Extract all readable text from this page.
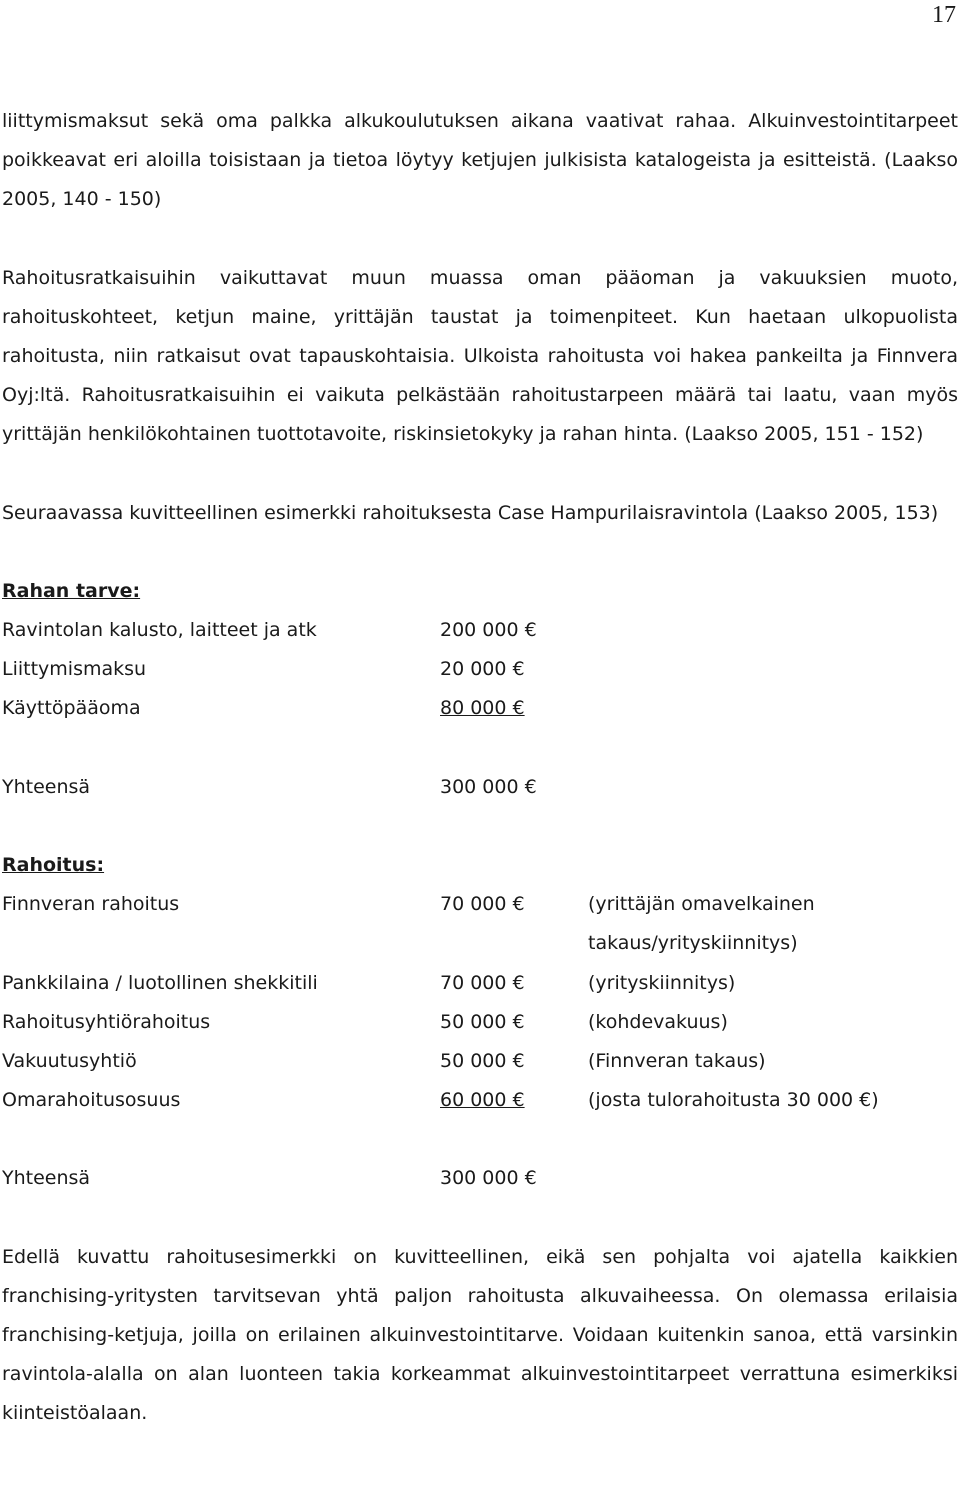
17

liittymismaksut sekä oma palkka alkukoulutuksen aikana vaativat rahaa. Alkuinvestointitarpeet poikkeavat eri aloilla toisistaan ja tietoa löytyy ketjujen julkisista katalogeista ja esitteistä. (Laakso 2005, 140 - 150)

Rahoitusratkaisuihin vaikuttavat muun muassa oman pääoman ja vakuuksien muoto, rahoituskohteet, ketjun maine, yrittäjän taustat ja toimenpiteet. Kun haetaan ulkopuolista rahoitusta, niin ratkaisut ovat tapauskohtaisia. Ulkoista rahoitusta voi hakea pankeilta ja Finnvera Oyj:ltä. Rahoitusratkaisuihin ei vaikuta pelkästään rahoitustarpeen määrä tai laatu, vaan myös yrittäjän henkilökohtainen tuottotavoite, riskinsietokyky ja rahan hinta. (Laakso 2005, 151 - 152)

Seuraavassa kuvitteellinen esimerkki rahoituksesta Case Hampurilaisravintola (Laakso 2005, 153)

Rahan tarve:
Ravintolan kalusto, laitteet ja atk	200 000 €
Liittymismaksu	20 000 €
Käyttöpääoma	80 000 €
Yhteensä	300 000 €
Rahoitus:
Finnveran rahoitus	70 000 €	(yrittäjän omavelkainen
takaus/yrityskiinnitys)
Pankkilaina / luotollinen shekkitili	70 000 €	(yrityskiinnitys)
Rahoitusyhtiörahoitus	50 000 €	(kohdevakuus)
Vakuutusyhtiö	50 000 €	(Finnveran takaus)
Omarahoitusosuus	60 000 €	(josta tulorahoitusta 30 000 €)
Yhteensä	300 000 €

Edellä kuvattu rahoitusesimerkki on kuvitteellinen, eikä sen pohjalta voi ajatella kaikkien franchising-yritysten tarvitsevan yhtä paljon rahoitusta alkuvaiheessa. On olemassa erilaisia franchising-ketjuja, joilla on erilainen alkuinvestointitarve. Voidaan kuitenkin sanoa, että varsinkin ravintola-alalla on alan luonteen takia korkeammat alkuinvestointitarpeet verrattuna esimerkiksi kiinteistöalaan.
